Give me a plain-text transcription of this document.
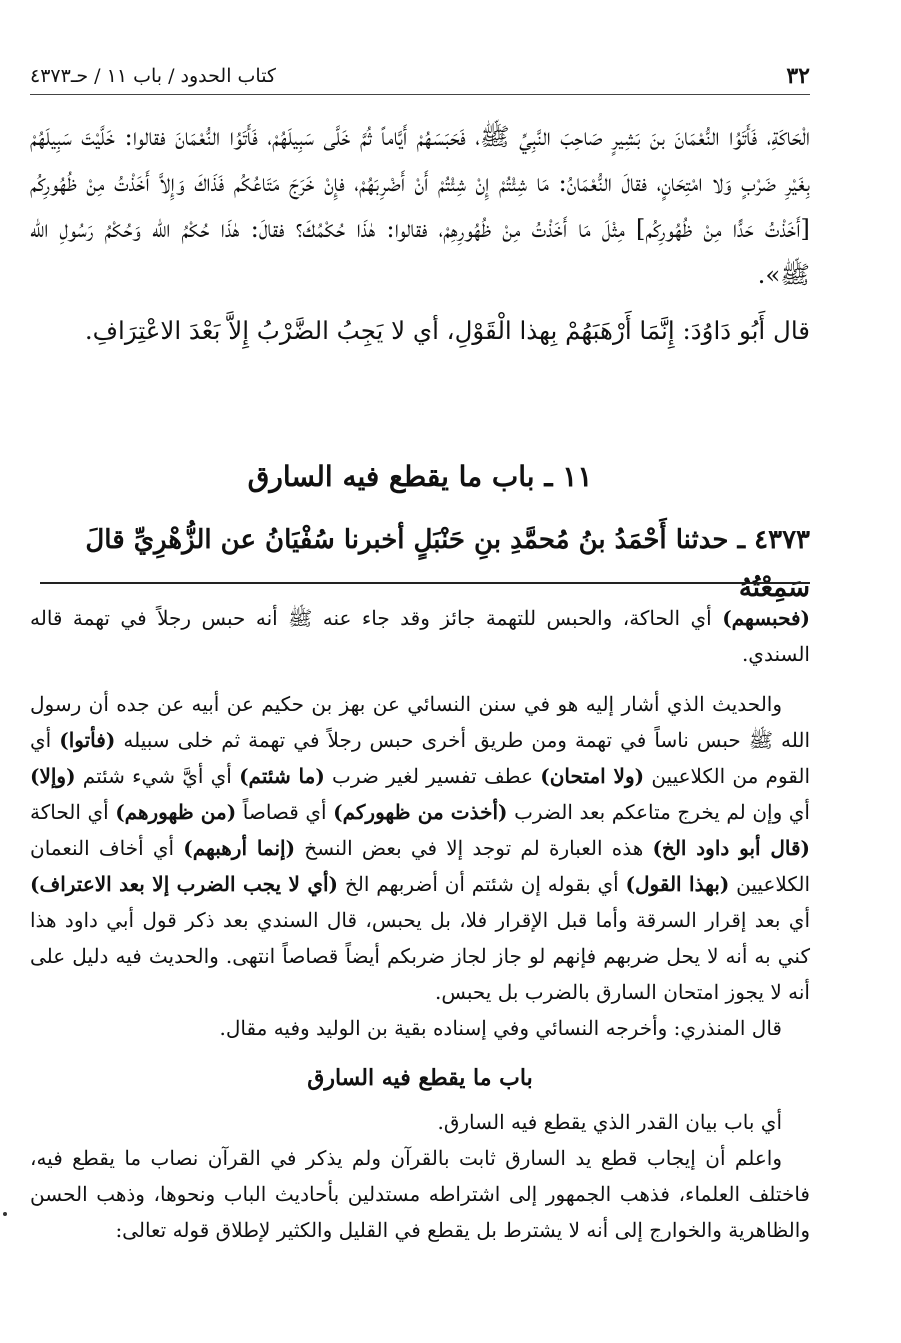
٣٢
كتاب الحدود / باب ١١ / حـ٤٣٧٣

الْحَاكَةِ، فَأَتَوُا النُّعْمَانَ بنَ بَشِيرٍ صَاحِبَ النَّبِيِّ ﷺ، فَحَبَسَهُمْ أَيَّاماً ثُمَّ خَلَّى سَبِيلَهُمْ، فَأَتَوُا النُّعْمَانَ فقالوا: خَلَّيْتَ سَبِيلَهُمْ بِغَيْرِ ضَرْبٍ وَلا امْتِحَانٍ، فقالَ النُّعْمَانُ: مَا شِئْتُمْ إِنْ شِئْتُمْ أَنْ أَضْرِبَهُمْ، فإِنْ خَرَجَ مَتَاعُكُم فَذَاكَ وَإِلاَّ أَخَذْتُ مِنْ ظُهُورِكُم [أَخَذْتُ حَدًّا مِنْ ظُهُورِكُم] مِثْلَ مَا أَخَذْتُ مِنْ ظُهُورِهِمْ، فقالوا: هٰذَا حُكْمُكَ؟ فقالَ: هٰذَا حُكْمُ الله وَحُكْمُ رَسُولِ الله ﷺ».

قال أَبُو دَاوُدَ: إِنَّمَا أَرْهَبَهُمْ بِهذا الْقَوْلِ، أي لا يَجِبُ الضَّرْبُ إِلاَّ بَعْدَ الاعْتِرَافِ.

١١ ـ باب ما يقطع فيه السارق
٤٣٧٣ ـ حدثنا أَحْمَدُ بنُ مُحمَّدِ بنِ حَنْبَلٍ أخبرنا سُفْيَانُ عن الزُّهْرِيِّ قالَ سَمِعْتُهُ

(فحبسهم) أي الحاكة، والحبس للتهمة جائز وقد جاء عنه ﷺ أنه حبس رجلاً في تهمة قاله السندي.

والحديث الذي أشار إليه هو في سنن النسائي عن بهز بن حكيم عن أبيه عن جده أن رسول الله ﷺ حبس ناساً في تهمة ومن طريق أخرى حبس رجلاً في تهمة ثم خلى سبيله (فأتوا) أي القوم من الكلاعيين (ولا امتحان) عطف تفسير لغير ضرب (ما شئتم) أي أيَّ شيء شئتم (وإلا) أي وإن لم يخرج متاعكم بعد الضرب (أخذت من ظهوركم) أي قصاصاً (من ظهورهم) أي الحاكة (قال أبو داود الخ) هذه العبارة لم توجد إلا في بعض النسخ (إنما أرهبهم) أي أخاف النعمان الكلاعيين (بهذا القول) أي بقوله إن شئتم أن أضربهم الخ (أي لا يجب الضرب إلا بعد الاعتراف) أي بعد إقرار السرقة وأما قبل الإقرار فلا، بل يحبس، قال السندي بعد ذكر قول أبي داود هذا كني به أنه لا يحل ضربهم فإنهم لو جاز لجاز ضربكم أيضاً قصاصاً انتهى. والحديث فيه دليل على أنه لا يجوز امتحان السارق بالضرب بل يحبس.

قال المنذري: وأخرجه النسائي وفي إسناده بقية بن الوليد وفيه مقال.

باب ما يقطع فيه السارق

أي باب بيان القدر الذي يقطع فيه السارق.

واعلم أن إيجاب قطع يد السارق ثابت بالقرآن ولم يذكر في القرآن نصاب ما يقطع فيه، فاختلف العلماء، فذهب الجمهور إلى اشتراطه مستدلين بأحاديث الباب ونحوها، وذهب الحسن والظاهرية والخوارج إلى أنه لا يشترط بل يقطع في القليل والكثير لإطلاق قوله تعالى:
